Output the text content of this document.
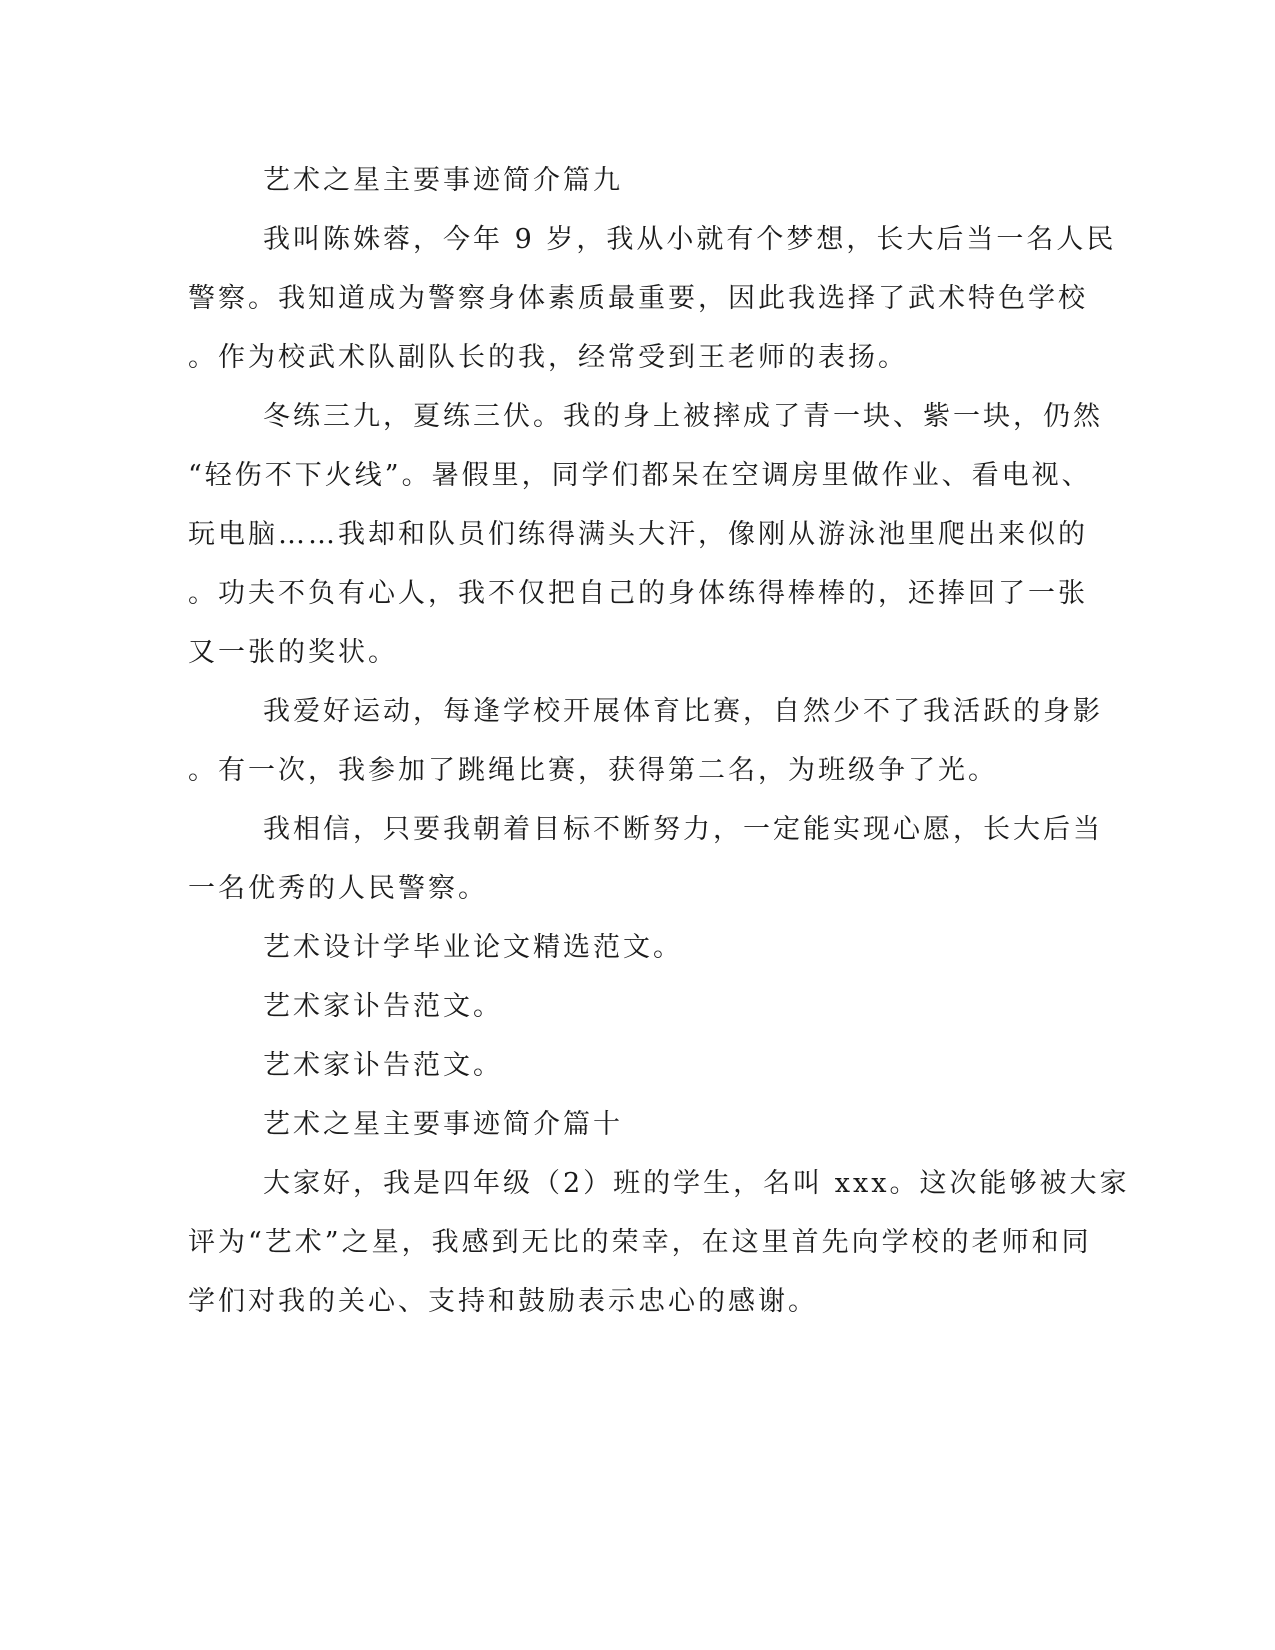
艺术之星主要事迹简介篇九
我叫陈姝蓉，今年 9 岁，我从小就有个梦想，长大后当一名人民
警察。我知道成为警察身体素质最重要，因此我选择了武术特色学校
。作为校武术队副队长的我，经常受到王老师的表扬。
冬练三九，夏练三伏。我的身上被摔成了青一块、紫一块，仍然
“轻伤不下火线”。暑假里，同学们都呆在空调房里做作业、看电视、
玩电脑……我却和队员们练得满头大汗，像刚从游泳池里爬出来似的
。功夫不负有心人，我不仅把自己的身体练得棒棒的，还捧回了一张
又一张的奖状。
我爱好运动，每逢学校开展体育比赛，自然少不了我活跃的身影
。有一次，我参加了跳绳比赛，获得第二名，为班级争了光。
我相信，只要我朝着目标不断努力，一定能实现心愿，长大后当
一名优秀的人民警察。
艺术设计学毕业论文精选范文。
艺术家讣告范文。
艺术家讣告范文。
艺术之星主要事迹简介篇十
大家好，我是四年级（2）班的学生，名叫 xxx。这次能够被大家
评为“艺术”之星，我感到无比的荣幸，在这里首先向学校的老师和同
学们对我的关心、支持和鼓励表示忠心的感谢。
